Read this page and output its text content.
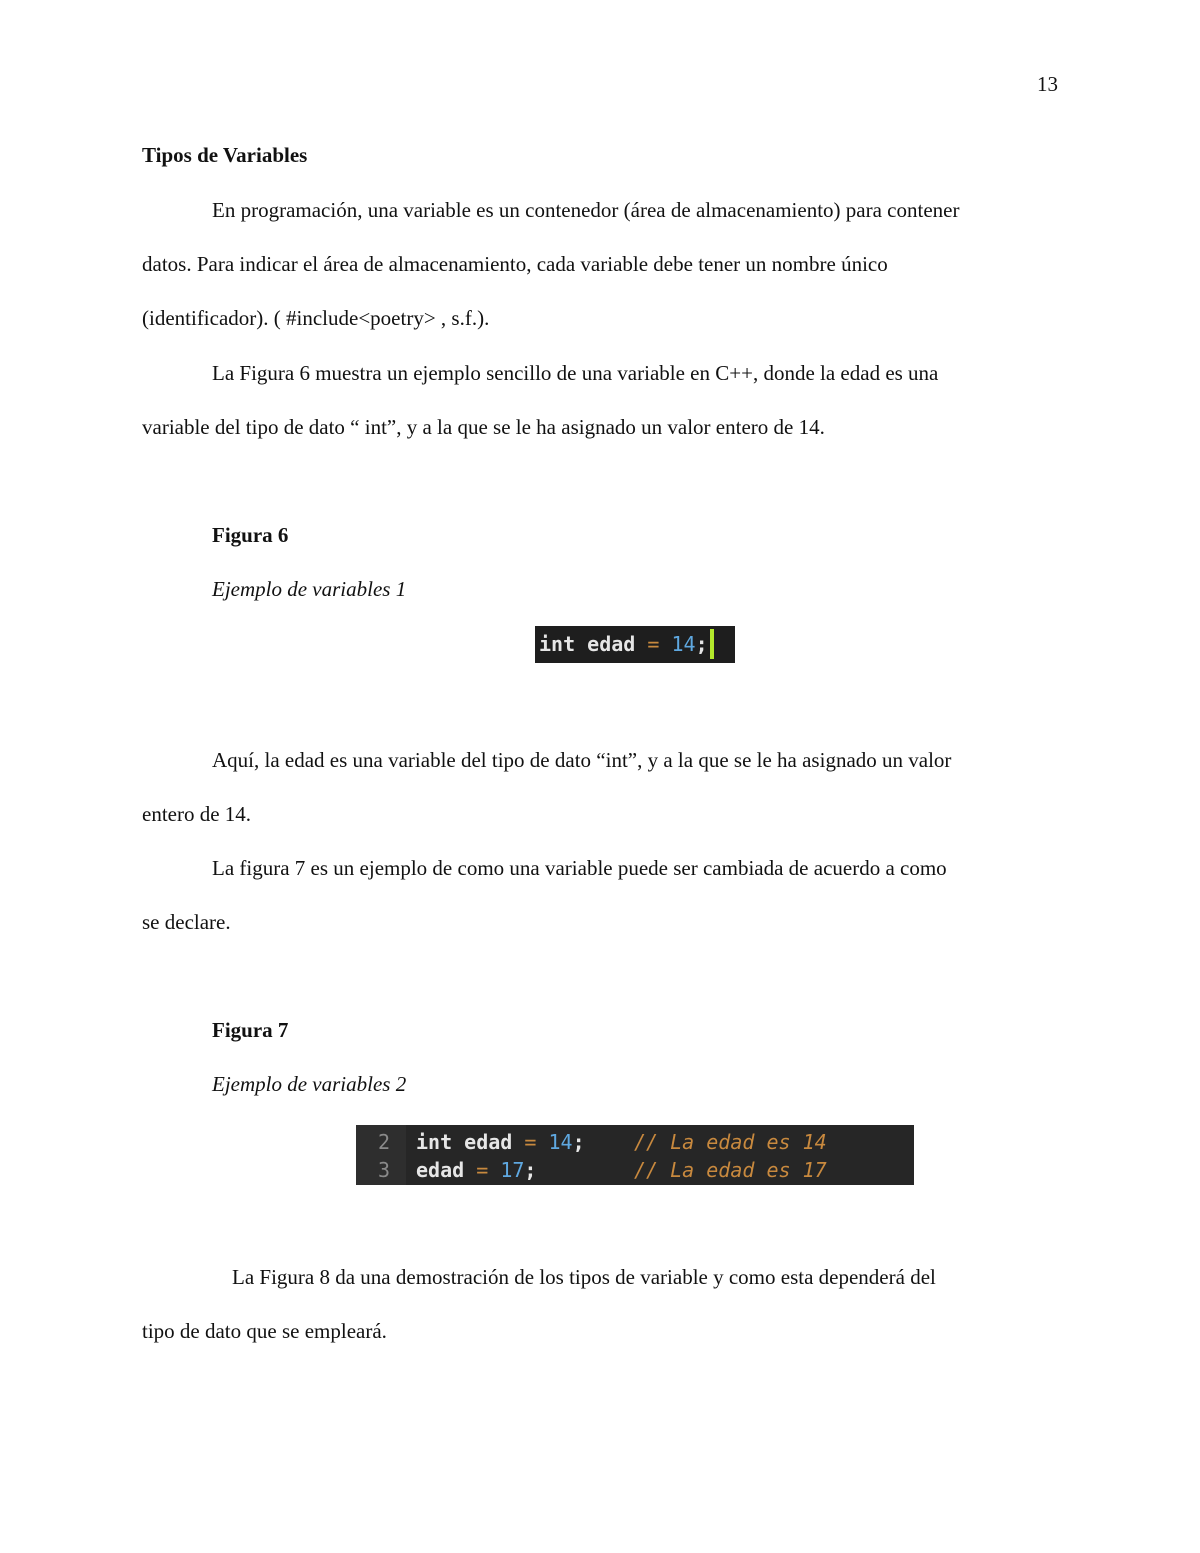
13
Tipos de Variables
En programación, una variable es un contenedor (área de almacenamiento) para contener
datos. Para indicar el área de almacenamiento, cada variable debe tener un nombre único
(identificador). ( #include<poetry> , s.f.).
La Figura 6 muestra un ejemplo sencillo de una variable en C++, donde la edad es una
variable del tipo de dato “ int”, y a la que se le ha asignado un valor entero de 14.
Figura 6
Ejemplo de variables 1
int edad = 14;
Aquí, la edad es una variable del tipo de dato “int”, y a la que se le ha asignado un valor
entero de 14.
La figura 7 es un ejemplo de como una variable puede ser cambiada de acuerdo a como
se declare.
Figura 7
Ejemplo de variables 2
2 int edad = 14; // La edad es 14
3 edad = 17;	// La edad es 17
La Figura 8 da una demostración de los tipos de variable y como esta dependerá del
tipo de dato que se empleará.
